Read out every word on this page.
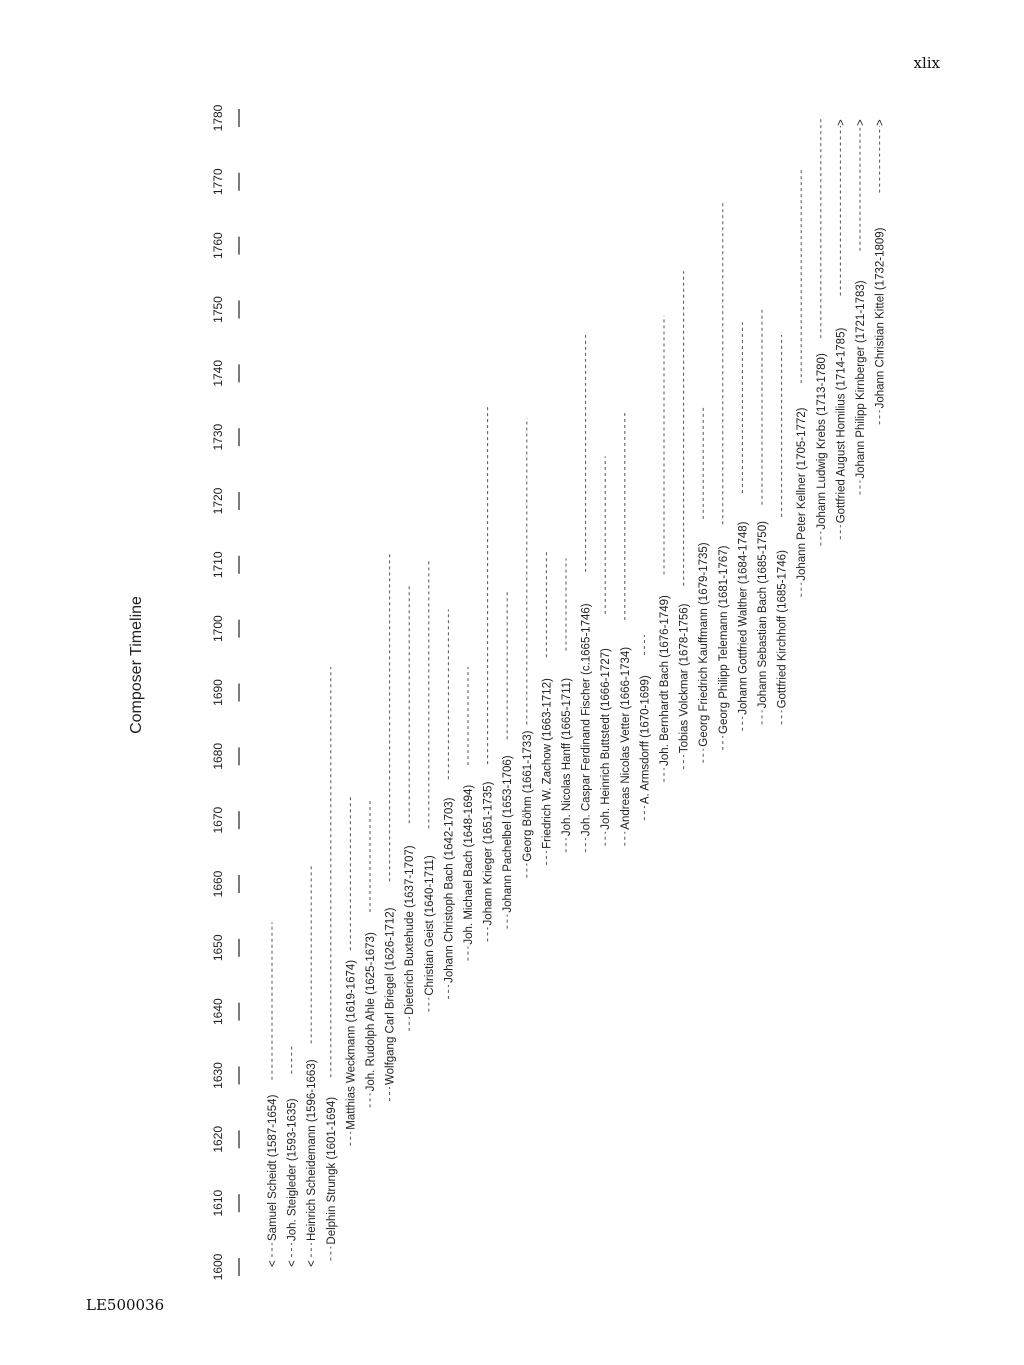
xlix
LE500036
Composer Timeline
1600
1610
1620
1630
1640
1650
1660
1670
1680
1690
1700
1710
1720
1730
1740
1750
1760
1770
1780
<
Samuel Scheidt (1587-1654)
<
Joh. Steigleder (1593-1635)
<
Heinrich Scheidemann (1596-1663) Delphin Strungk (1601-1694)
Matthias Weckmann (1619-1674) Joh. Rudolph Ahle (1625-1673) Wolfgang Carl Briegel (1626-1712) Dieterich Buxtehude (1637-1707) Christian Geist (1640-1711) Johann Christoph Bach (1642-1703) Joh. Michael Bach (1648-1694) Johann Krieger (1651-1735) Johann Pachelbel (1653-1706) Georg Böhm (1661-1733) Friedrich W. Zachow (1663-1712) Joh. Nicolas Hanff (1665-1711) Joh. Caspar Ferdinand Fischer (c.1665-1746) Joh. Heinrich Buttstedt (1666-1727) Andreas Nicolas Vetter (1666-1734) A. Armsdorff (1670-1699) Joh. Bernhardt Bach (1676-1749) Tobias Volckmar (1678-1756) Georg Friedrich Kauffmann (1679-1735) Georg Philipp Telemann (1681-1767) Johann Gottfried Walther (1684-1748) Johann Sebastian Bach (1685-1750) Gottfried Kirchhoff (1685-1746)
Johann Peter Kellner (1705-1772) Johann Ludwig Krebs (1713-1780) Gottfried August Homilius (1714-1785)
>
Johann Philipp Kirnberger (1721-1783)
>
Johann Christian Kittel (1732-1809)
>
